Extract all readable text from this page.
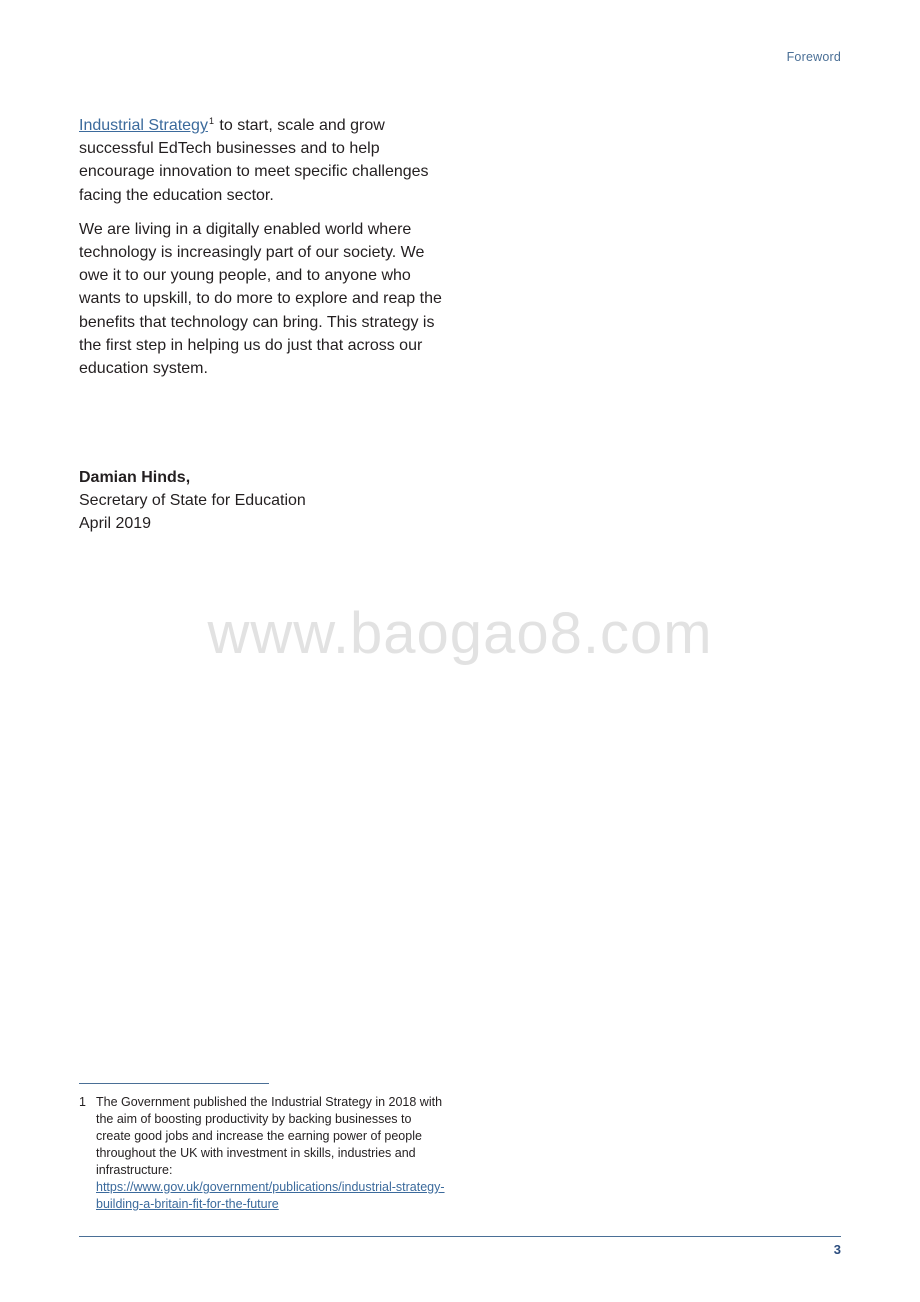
Foreword

Industrial Strategy$^1$ to start, scale and grow successful EdTech businesses and to help encourage innovation to meet specific challenges facing the education sector.

We are living in a digitally enabled world where technology is increasingly part of our society. We owe it to our young people, and to anyone who wants to upskill, to do more to explore and reap the benefits that technology can bring. This strategy is the first step in helping us do just that across our education system.

Damian Hinds,
Secretary of State for Education
April 2019
www.baogao8.com
1 The Government published the Industrial Strategy in 2018 with the aim of boosting productivity by backing businesses to create good jobs and increase the earning power of people throughout the UK with investment in skills, industries and infrastructure: https://www.gov.uk/government/publications/industrial-strategy-building-a-britain-fit-for-the-future
3
